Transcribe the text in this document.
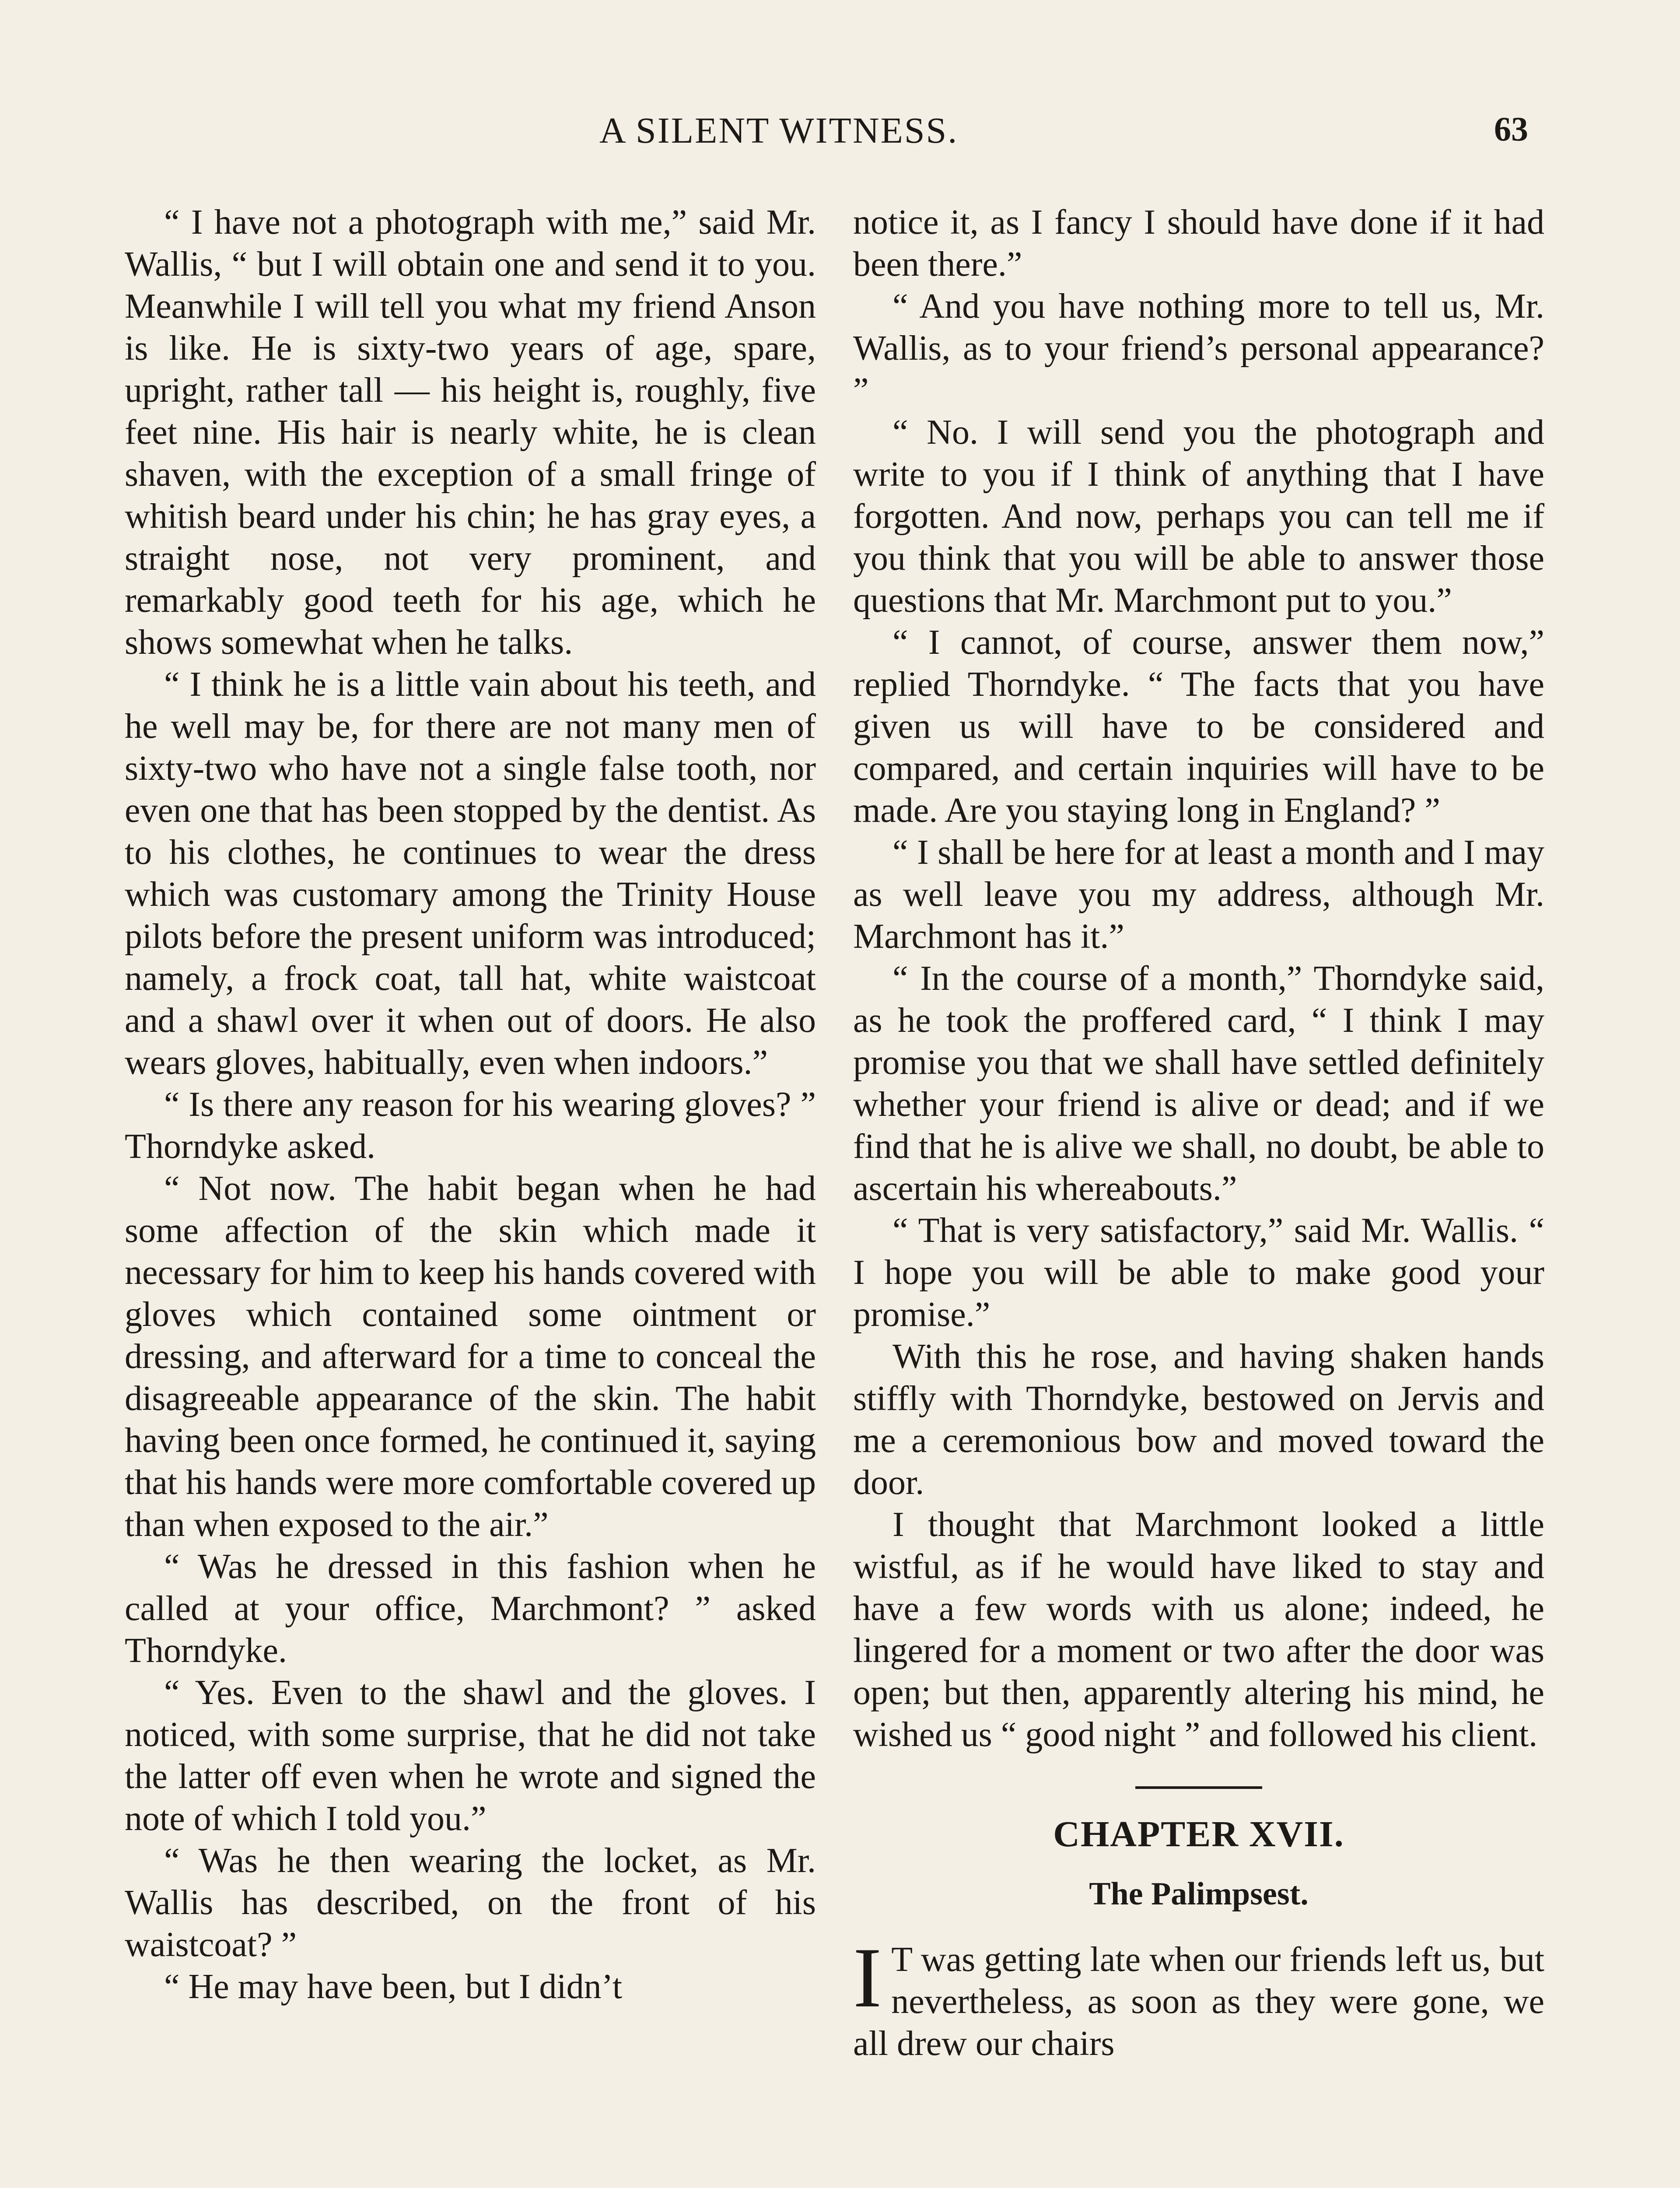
A SILENT WITNESS.	63

“ I have not a photograph with me,” said Mr. Wallis, “ but I will obtain one and send it to you. Meanwhile I will tell you what my friend Anson is like. He is sixty-two years of age, spare, upright, rather tall — his height is, roughly, five feet nine. His hair is nearly white, he is clean shaven, with the exception of a small fringe of whitish beard under his chin; he has gray eyes, a straight nose, not very prominent, and remarkably good teeth for his age, which he shows somewhat when he talks.

“ I think he is a little vain about his teeth, and he well may be, for there are not many men of sixty-two who have not a single false tooth, nor even one that has been stopped by the dentist. As to his clothes, he continues to wear the dress which was customary among the Trinity House pilots before the present uniform was introduced; namely, a frock coat, tall hat, white waistcoat and a shawl over it when out of doors. He also wears gloves, habitually, even when indoors.”

“ Is there any reason for his wearing gloves? ” Thorndyke asked.

“ Not now. The habit began when he had some affection of the skin which made it necessary for him to keep his hands covered with gloves which contained some ointment or dressing, and afterward for a time to conceal the disagreeable appearance of the skin. The habit having been once formed, he continued it, saying that his hands were more comfortable covered up than when exposed to the air.”

“ Was he dressed in this fashion when he called at your office, Marchmont? ” asked Thorndyke.

“ Yes. Even to the shawl and the gloves. I noticed, with some surprise, that he did not take the latter off even when he wrote and signed the note of which I told you.”

“ Was he then wearing the locket, as Mr. Wallis has described, on the front of his waistcoat? ”

“ He may have been, but I didn’t

notice it, as I fancy I should have done if it had been there.”

“ And you have nothing more to tell us, Mr. Wallis, as to your friend’s personal appearance? ”

“ No. I will send you the photograph and write to you if I think of anything that I have forgotten. And now, perhaps you can tell me if you think that you will be able to answer those questions that Mr. Marchmont put to you.”

“ I cannot, of course, answer them now,” replied Thorndyke. “ The facts that you have given us will have to be considered and compared, and certain inquiries will have to be made. Are you staying long in England? ”

“ I shall be here for at least a month and I may as well leave you my address, although Mr. Marchmont has it.”

“ In the course of a month,” Thorndyke said, as he took the proffered card, “ I think I may promise you that we shall have settled definitely whether your friend is alive or dead; and if we find that he is alive we shall, no doubt, be able to ascertain his whereabouts.”

“ That is very satisfactory,” said Mr. Wallis. “ I hope you will be able to make good your promise.”

With this he rose, and having shaken hands stiffly with Thorndyke, bestowed on Jervis and me a ceremonious bow and moved toward the door.

I thought that Marchmont looked a little wistful, as if he would have liked to stay and have a few words with us alone; indeed, he lingered for a moment or two after the door was open; but then, apparently altering his mind, he wished us “ good night ” and followed his client.

CHAPTER XVII.
The Palimpsest.

I T was getting late when our friends left us, but nevertheless, as soon as they were gone, we all drew our chairs
